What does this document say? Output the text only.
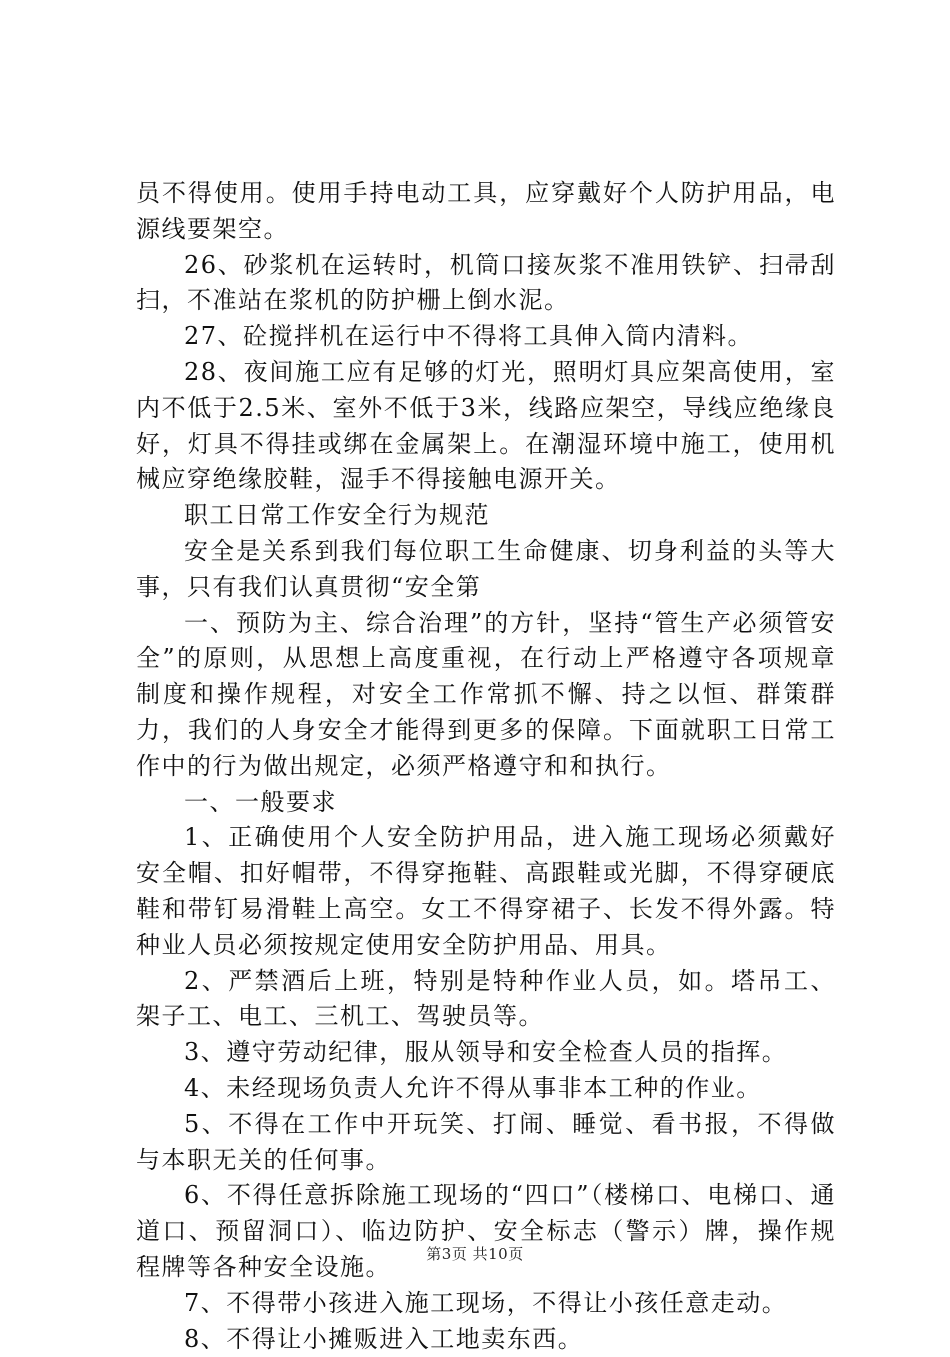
员不得使用。使用手持电动工具，应穿戴好个人防护用品，电源线要架空。

26、砂浆机在运转时，机筒口接灰浆不准用铁铲、扫帚刮扫，不准站在浆机的防护栅上倒水泥。

27、砼搅拌机在运行中不得将工具伸入筒内清料。

28、夜间施工应有足够的灯光，照明灯具应架高使用，室内不低于2.5米、室外不低于3米，线路应架空，导线应绝缘良好，灯具不得挂或绑在金属架上。在潮湿环境中施工，使用机械应穿绝缘胶鞋，湿手不得接触电源开关。

职工日常工作安全行为规范

安全是关系到我们每位职工生命健康、切身利益的头等大事，只有我们认真贯彻“安全第

一、预防为主、综合治理”的方针，坚持“管生产必须管安全”的原则，从思想上高度重视，在行动上严格遵守各项规章制度和操作规程，对安全工作常抓不懈、持之以恒、群策群力，我们的人身安全才能得到更多的保障。下面就职工日常工作中的行为做出规定，必须严格遵守和和执行。

一、一般要求

1、正确使用个人安全防护用品，进入施工现场必须戴好安全帽、扣好帽带，不得穿拖鞋、高跟鞋或光脚，不得穿硬底鞋和带钉易滑鞋上高空。女工不得穿裙子、长发不得外露。特种业人员必须按规定使用安全防护用品、用具。

2、严禁酒后上班，特别是特种作业人员，如。塔吊工、架子工、电工、三机工、驾驶员等。

3、遵守劳动纪律，服从领导和安全检查人员的指挥。

4、未经现场负责人允许不得从事非本工种的作业。

5、不得在工作中开玩笑、打闹、睡觉、看书报，不得做与本职无关的任何事。

6、不得任意拆除施工现场的“四口”（楼梯口、电梯口、通道口、预留洞口）、临边防护、安全标志（警示）牌，操作规程牌等各种安全设施。

7、不得带小孩进入施工现场，不得让小孩任意走动。

8、不得让小摊贩进入工地卖东西。

第3页 共10页
